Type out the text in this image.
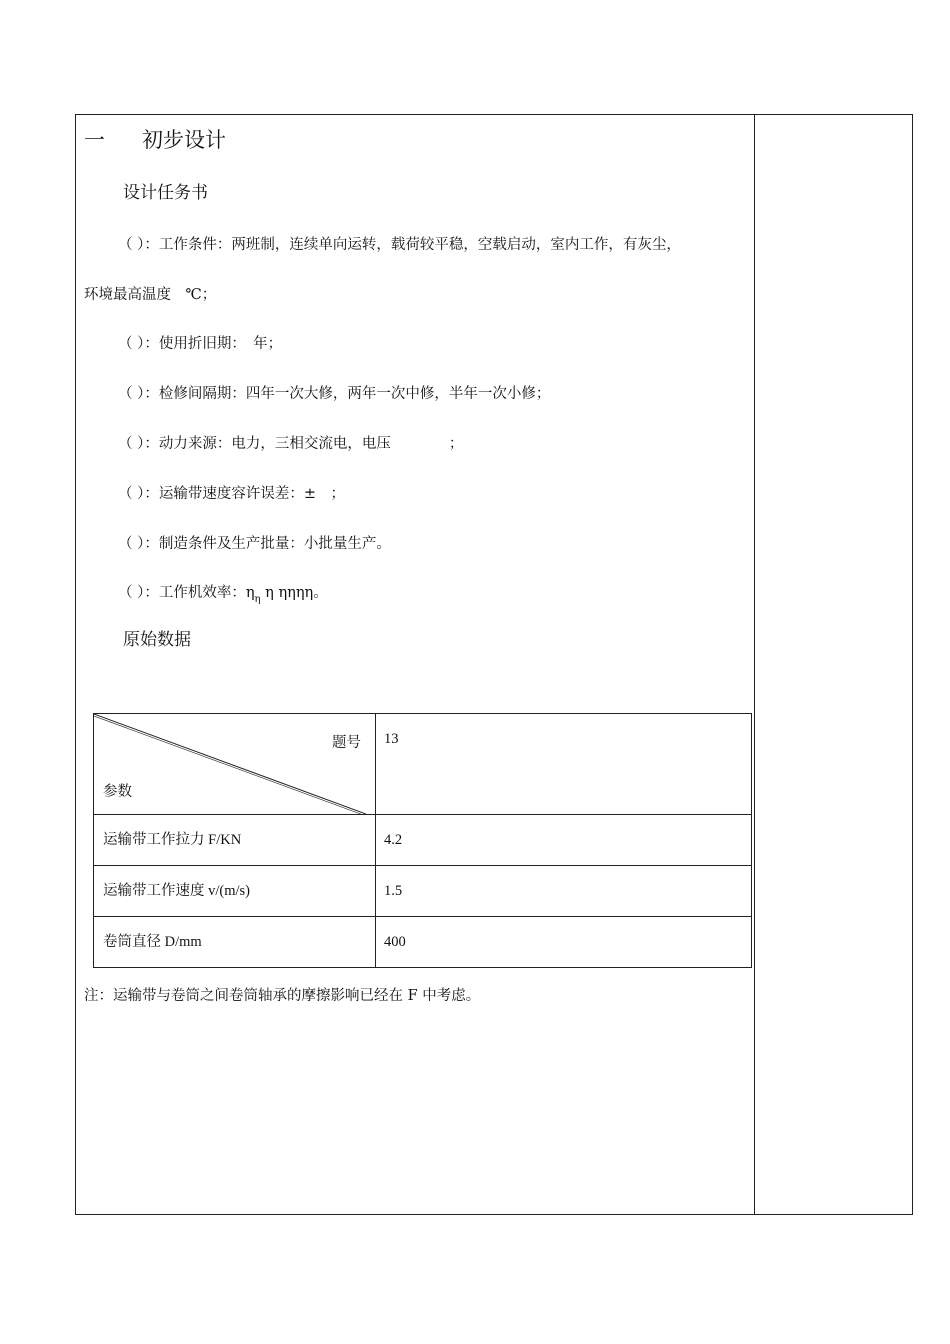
一 初步设计
设计任务书
（ ）：工作条件：两班制，连续单向运转，载荷较平稳，空载启动，室内工作，有灰尘，
环境最高温度　℃；
（ ）：使用折旧期：　年；
（ ）：检修间隔期：四年一次大修，两年一次中修，半年一次小修；
（ ）：动力来源：电力，三相交流电，电压　　　　；
（ ）：运输带速度容许误差：±　；
（ ）：制造条件及生产批量：小批量生产。
（ ）：工作机效率：$\eta_\eta$ η ηηηη。
原始数据
题号
参数	13

运输带工作拉力 F/KN	4.2
运输带工作速度 v/(m/s)	1.5
卷筒直径 D/mm	400
注：运输带与卷筒之间卷筒轴承的摩擦影响已经在 F 中考虑。
